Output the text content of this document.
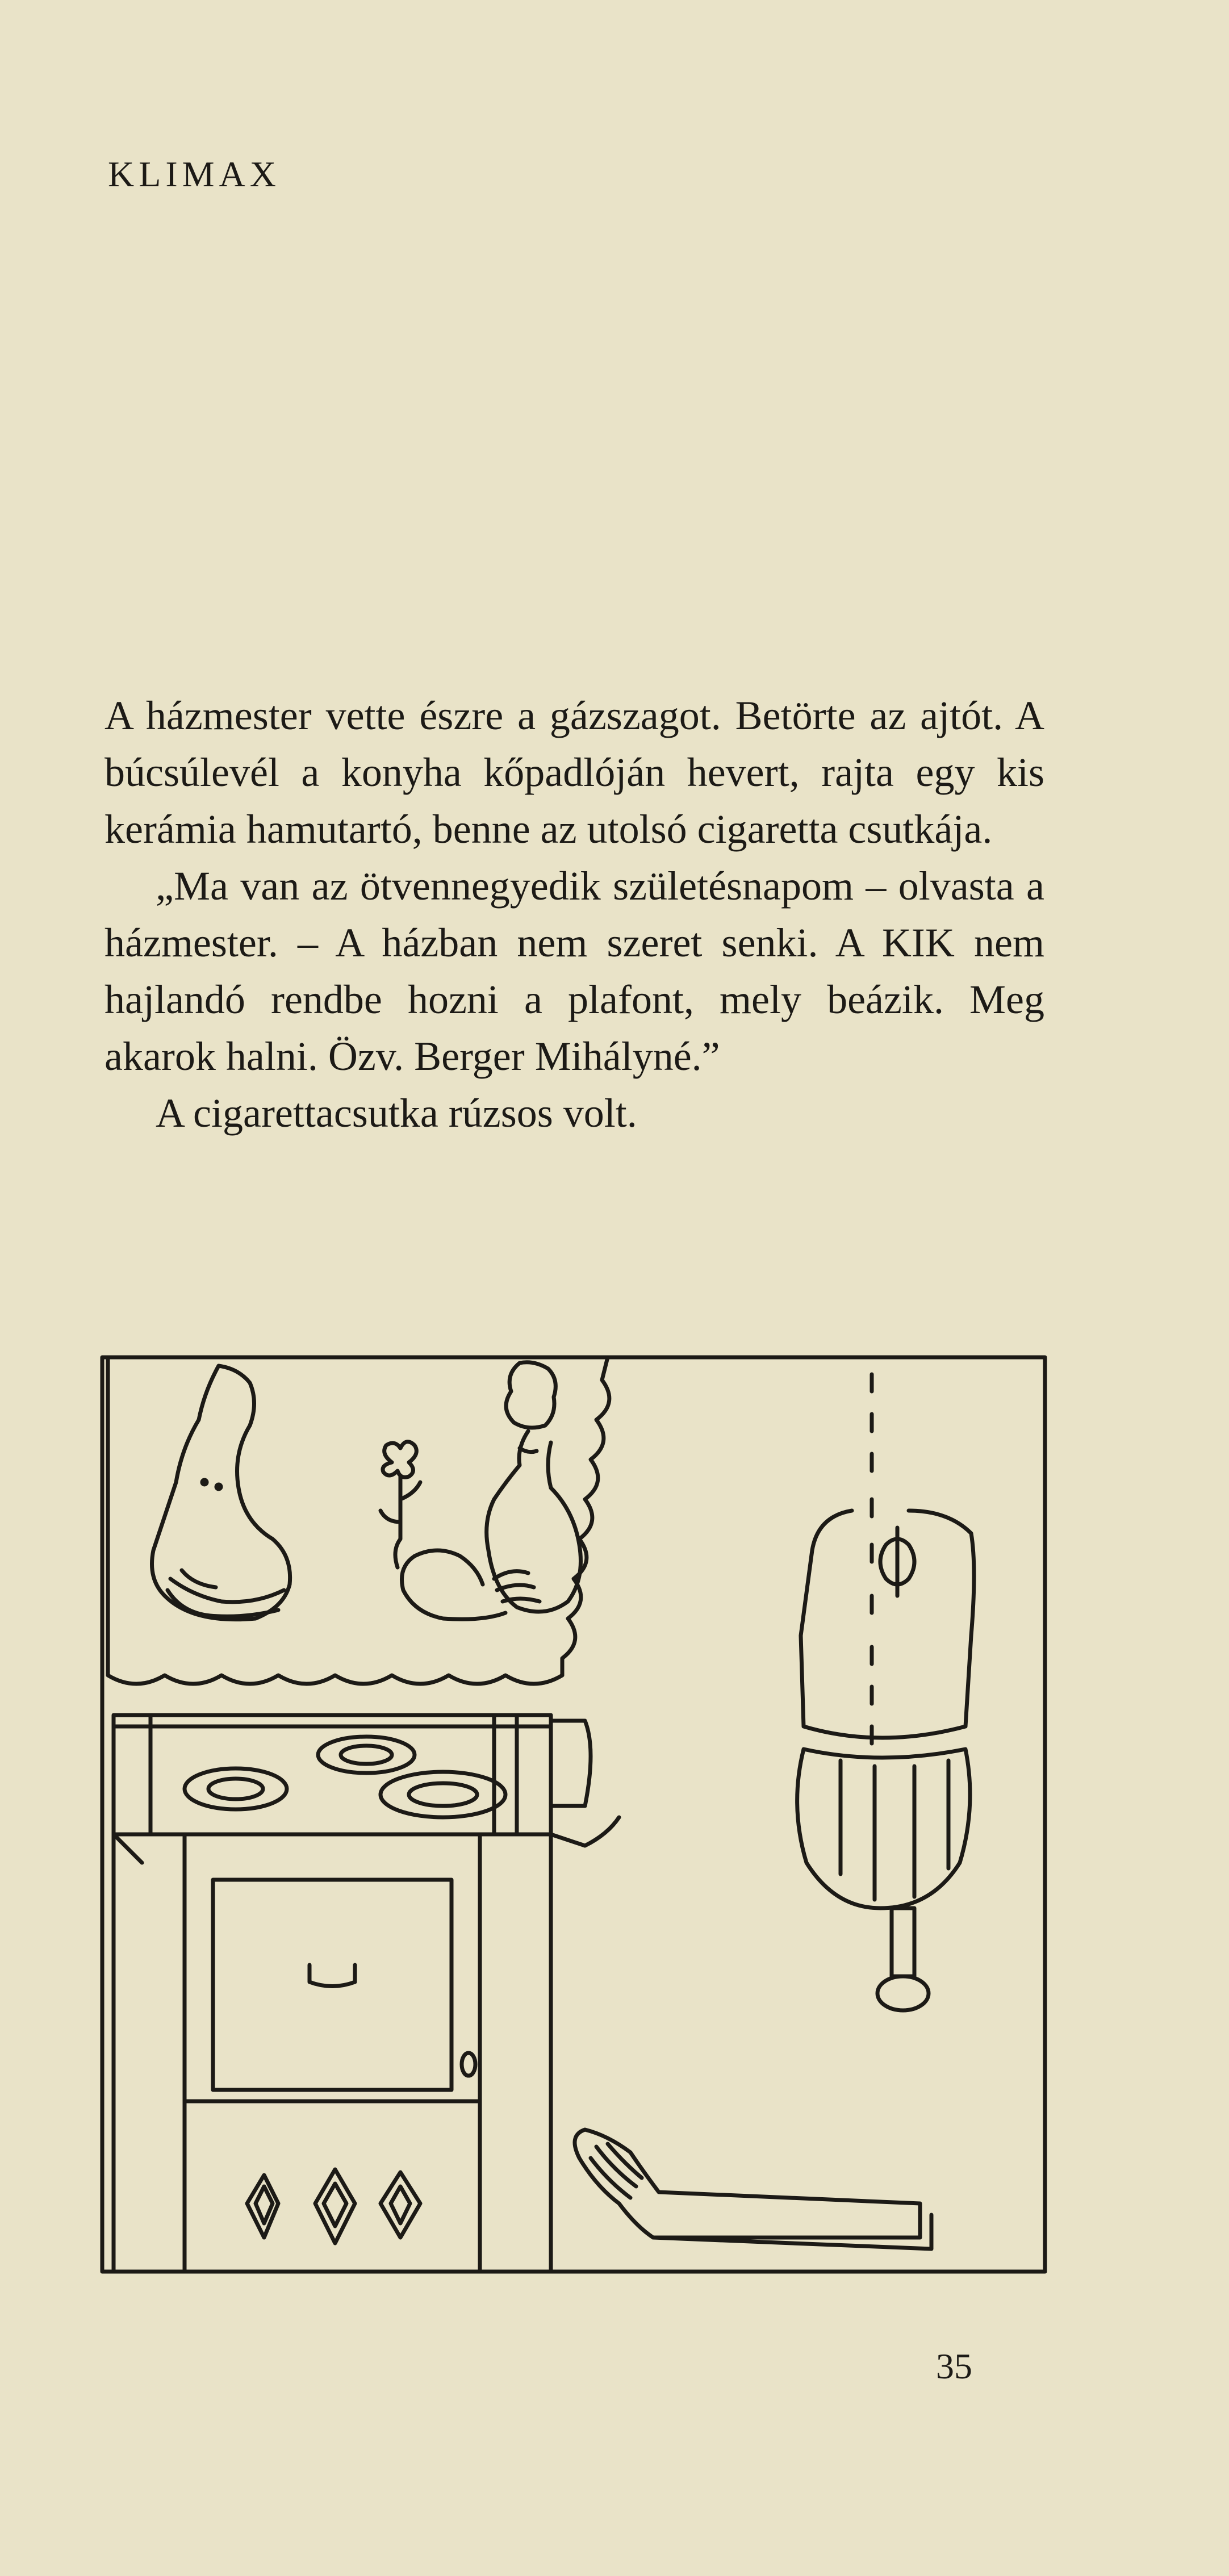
KLIMAX

A házmester vette észre a gázszagot. Betörte az ajtót. A búcsúlevél a konyha kőpadlóján hevert, rajta egy kis kerámia hamutartó, benne az utolsó cigaretta csutkája.

„Ma van az ötvennegyedik születésnapom – olvasta a házmester. – A házban nem szeret senki. A KIK nem hajlandó rendbe hozni a plafont, mely beázik. Meg akarok halni. Özv. Berger Mihályné.”

A cigarettacsutka rúzsos volt.

35
